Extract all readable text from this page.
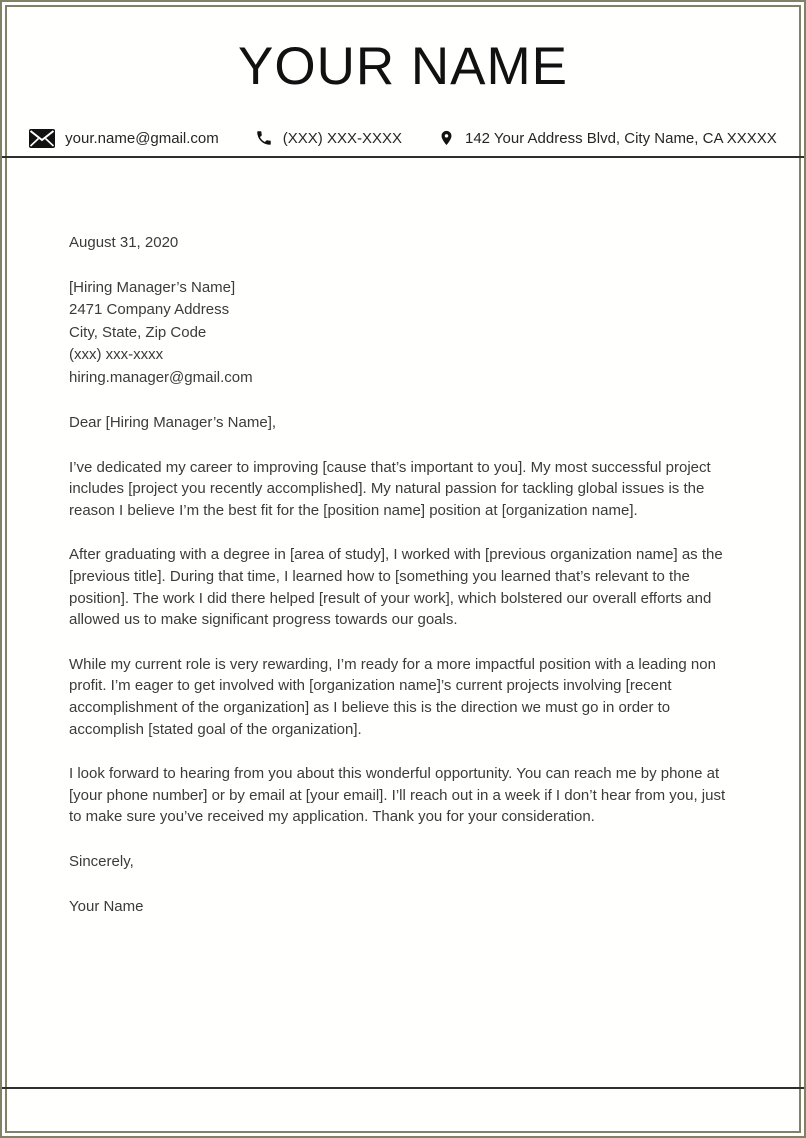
YOUR NAME
your.name@gmail.com	(XXX) XXX-XXXX	142 Your Address Blvd, City Name, CA XXXXX

August 31, 2020

[Hiring Manager’s Name]
2471 Company Address
City, State, Zip Code
(xxx) xxx-xxxx
hiring.manager@gmail.com

Dear [Hiring Manager’s Name],

I’ve dedicated my career to improving [cause that’s important to you]. My most successful project includes [project you recently accomplished]. My natural passion for tackling global issues is the reason I believe I’m the best fit for the [position name] position at [organization name].

After graduating with a degree in [area of study], I worked with [previous organization name] as the [previous title]. During that time, I learned how to [something you learned that’s relevant to the position]. The work I did there helped [result of your work], which bolstered our overall efforts and allowed us to make significant progress towards our goals.

While my current role is very rewarding, I’m ready for a more impactful position with a leading non profit. I’m eager to get involved with [organization name]’s current projects involving [recent accomplishment of the organization] as I believe this is the direction we must go in order to accomplish [stated goal of the organization].

I look forward to hearing from you about this wonderful opportunity. You can reach me by phone at [your phone number] or by email at [your email]. I’ll reach out in a week if I don’t hear from you, just to make sure you’ve received my application. Thank you for your consideration.

Sincerely,

Your Name
